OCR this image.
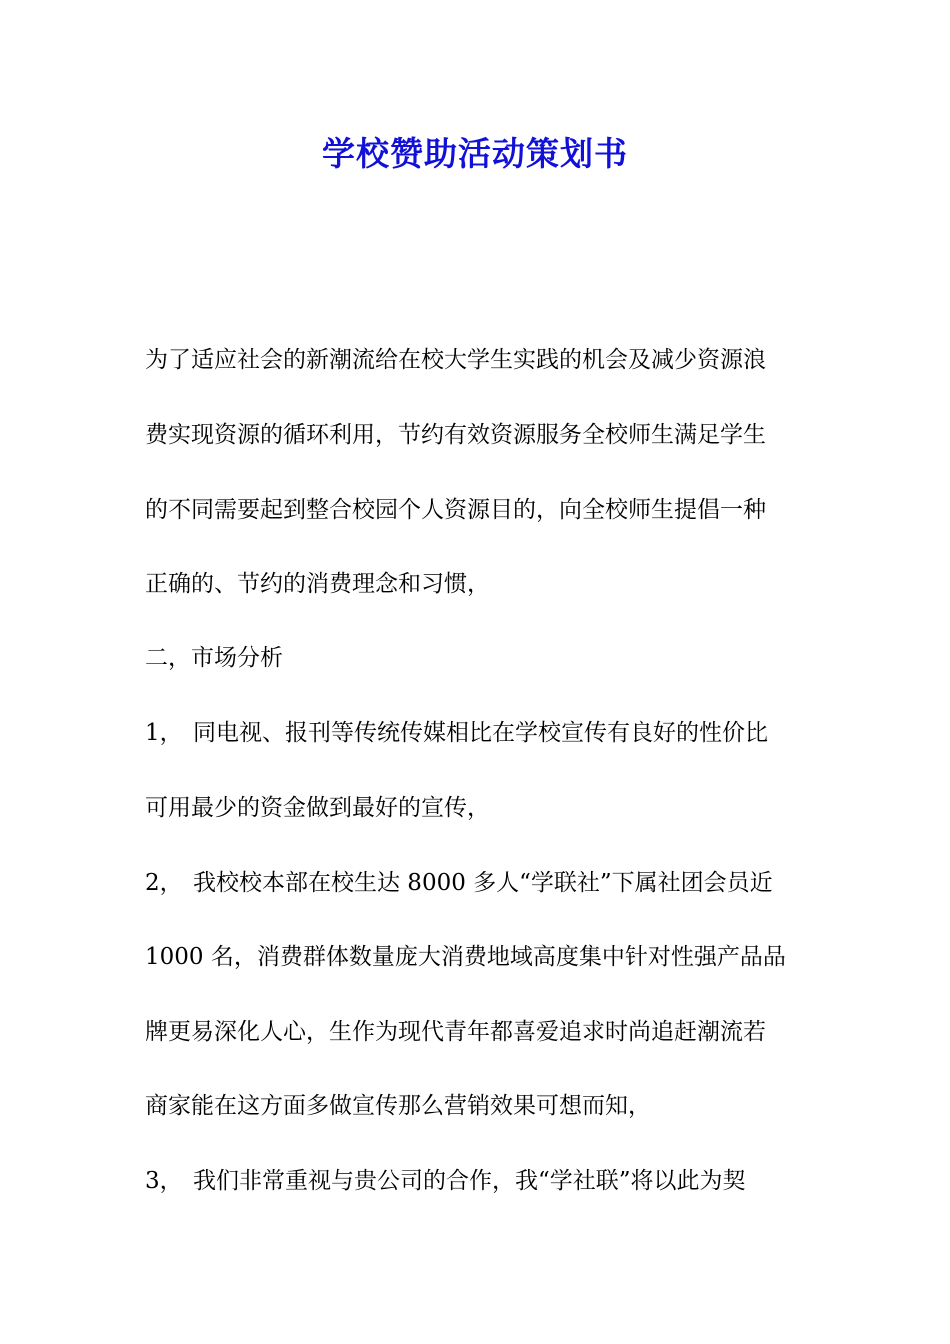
学校赞助活动策划书
为了适应社会的新潮流给在校大学生实践的机会及减少资源浪
费实现资源的循环利用，节约有效资源服务全校师生满足学生
的不同需要起到整合校园个人资源目的，向全校师生提倡一种
正确的、节约的消费理念和习惯，
二，市场分析
1， 同电视、报刊等传统传媒相比在学校宣传有良好的性价比
可用最少的资金做到最好的宣传，
2， 我校校本部在校生达 8000 多人“学联社”下属社团会员近
1000 名，消费群体数量庞大消费地域高度集中针对性强产品品
牌更易深化人心，生作为现代青年都喜爱追求时尚追赶潮流若
商家能在这方面多做宣传那么营销效果可想而知，
3， 我们非常重视与贵公司的合作，我“学社联”将以此为契
